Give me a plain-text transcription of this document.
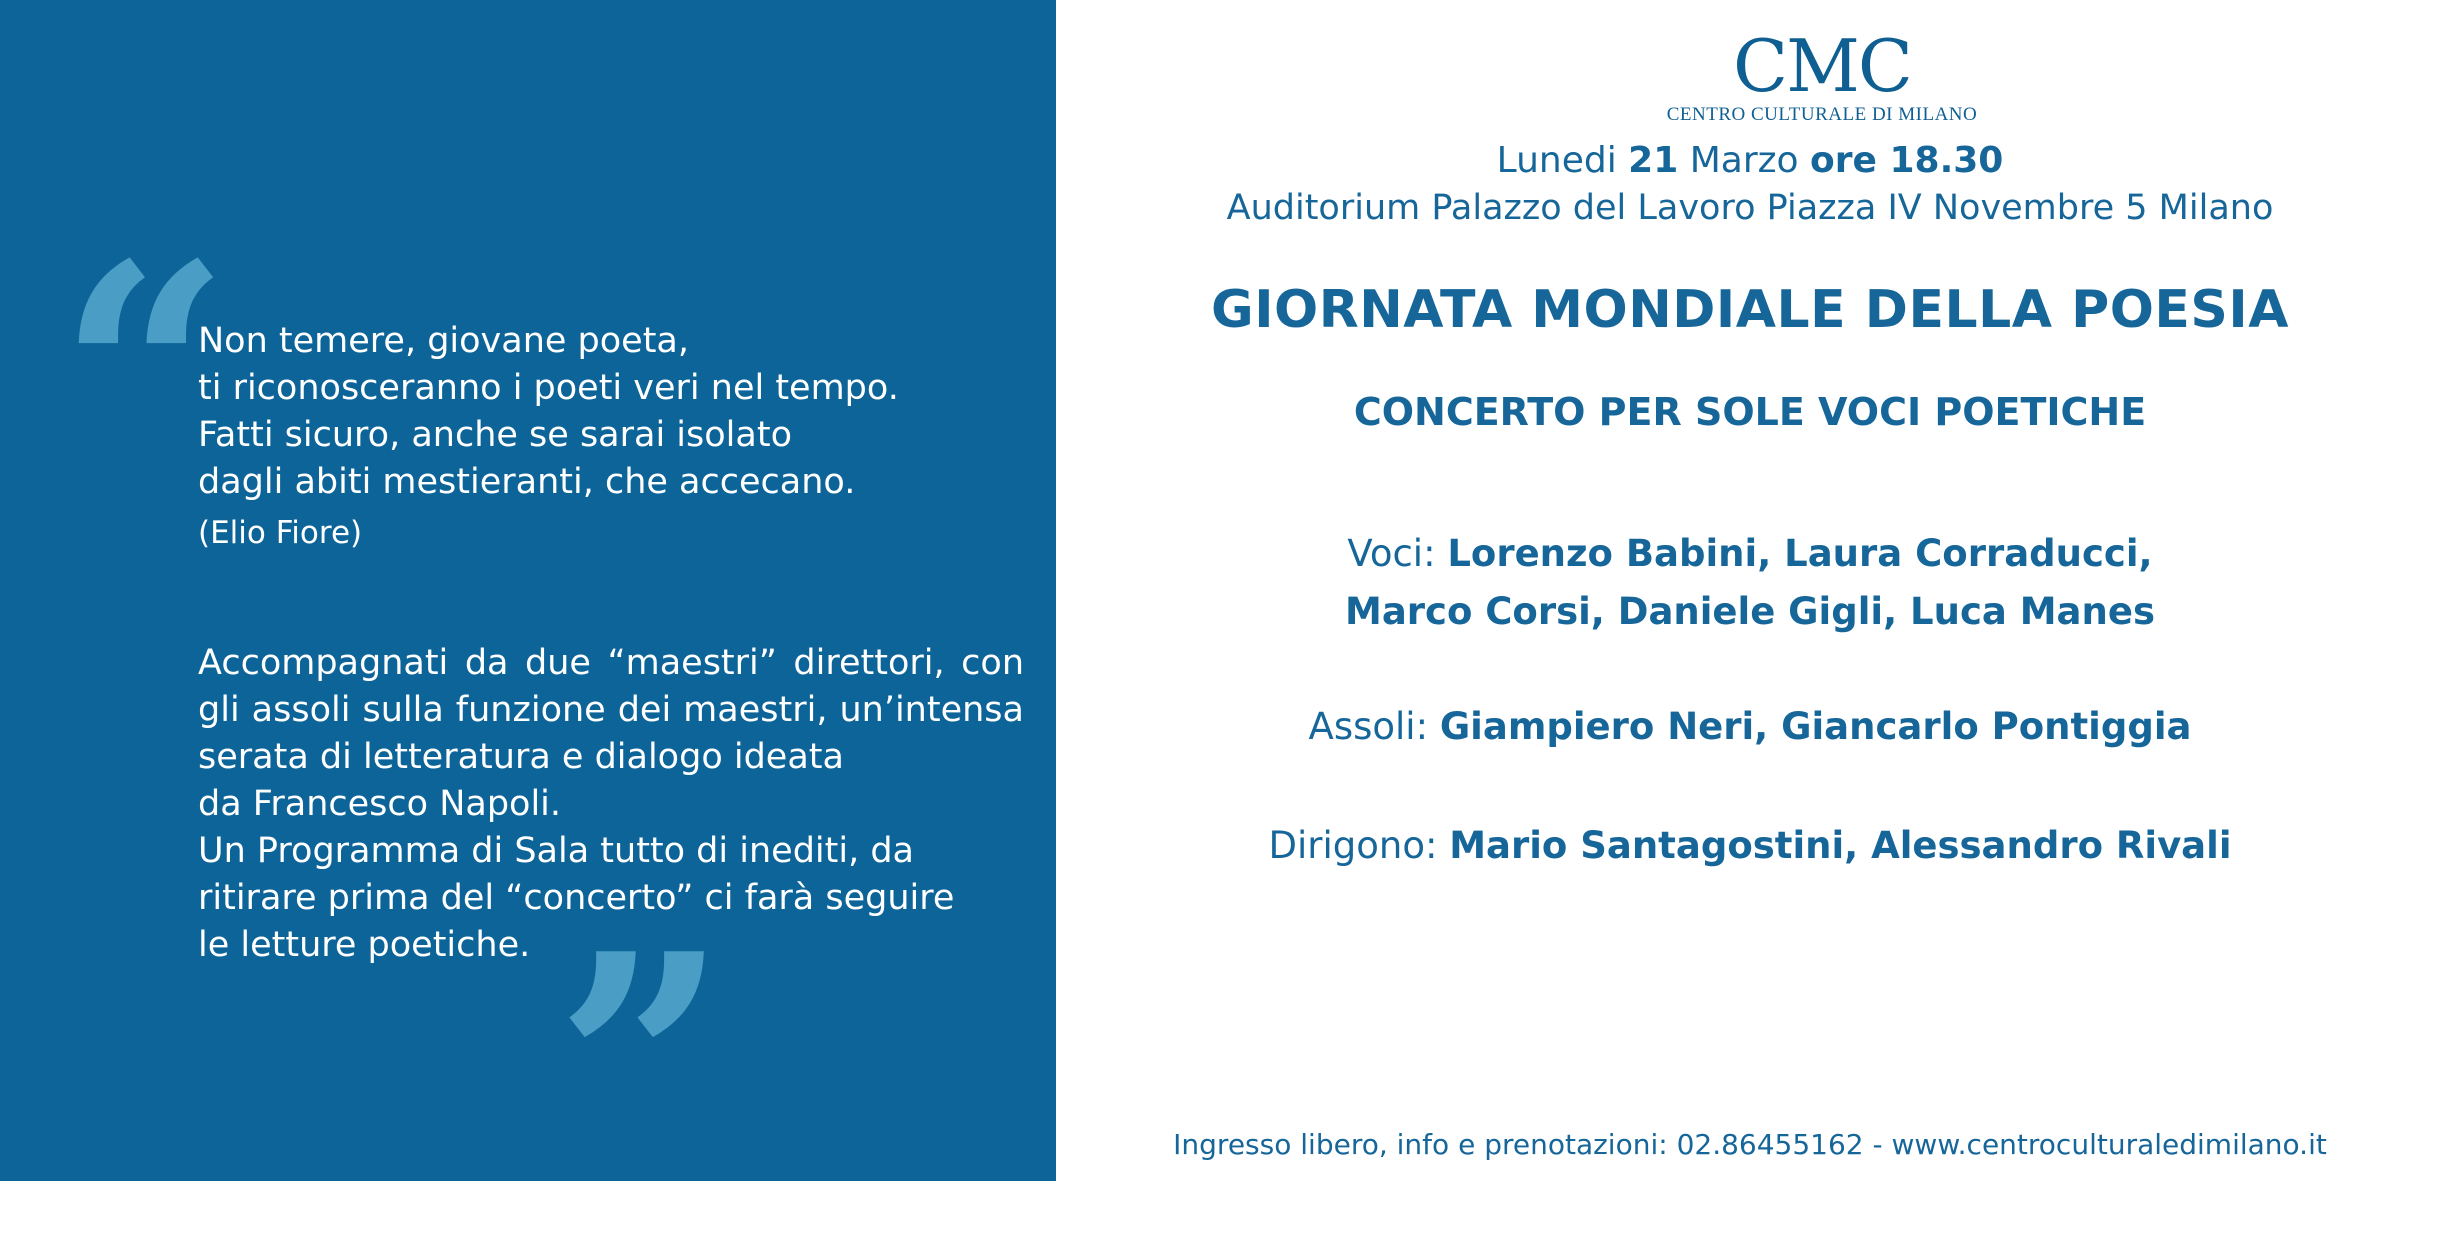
“
Non temere, giovane poeta,
ti riconosceranno i poeti veri nel tempo.
Fatti sicuro, anche se sarai isolato
dagli abiti mestieranti, che accecano.
(Elio Fiore)
Accompagnati da due “maestri” direttori, con
gli assoli sulla funzione dei maestri, un’intensa
serata di letteratura e dialogo ideata
da Francesco Napoli.
Un Programma di Sala tutto di inediti, da
ritirare prima del “concerto” ci farà seguire
le letture poetiche. ”
CMC
CENTRO CULTURALE DI MILANO
Lunedi 21 Marzo ore 18.30
Auditorium Palazzo del Lavoro Piazza IV Novembre 5 Milano
GIORNATA MONDIALE DELLA POESIA
CONCERTO PER SOLE VOCI POETICHE
Voci: Lorenzo Babini, Laura Corraducci,
Marco Corsi, Daniele Gigli, Luca Manes
Assoli: Giampiero Neri, Giancarlo Pontiggia
Dirigono: Mario Santagostini, Alessandro Rivali
Ingresso libero, info e prenotazioni: 02.86455162 - www.centroculturaledimilano.it
